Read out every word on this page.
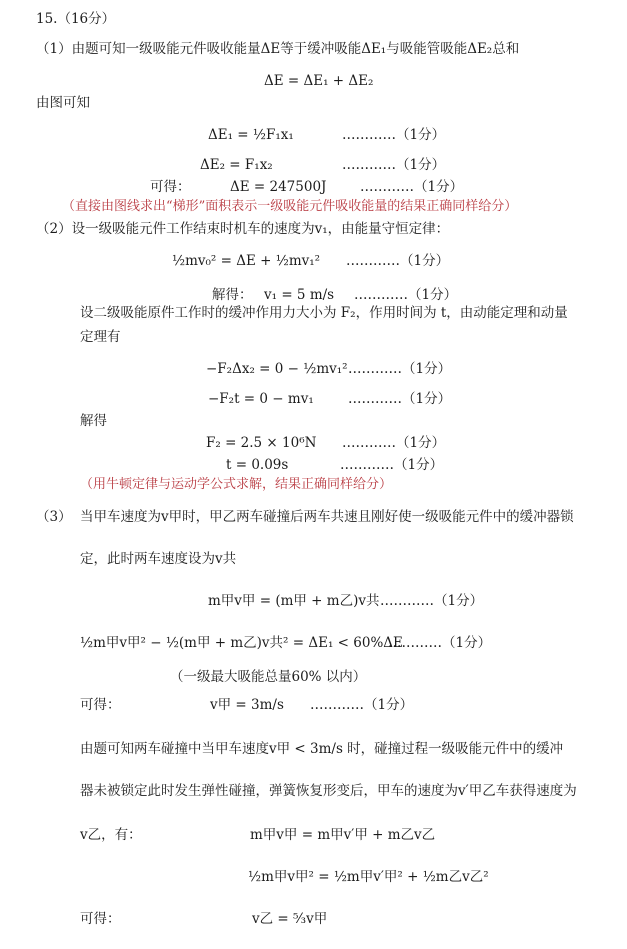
15.（16分）
（1）由题可知一级吸能元件吸收能量ΔE等于缓冲吸能ΔE₁与吸能管吸能ΔE₂总和
ΔE = ΔE₁ + ΔE₂
由图可知
ΔE₁ = ½F₁x₁	…………（1分）
ΔE₂ = F₁x₂	…………（1分）
可得：	ΔE = 247500J …………（1分）
（直接由图线求出“梯形”面积表示一级吸能元件吸收能量的结果正确同样给分）
（2）设一级吸能元件工作结束时机车的速度为v₁，由能量守恒定律：
½mv₀² = ΔE + ½mv₁² …………（1分）
解得： v₁ = 5 m/s …………（1分）
设二级吸能原件工作时的缓冲作用力大小为 F₂，作用时间为 t，由动能定理和动量
定理有
−F₂Δx₂ = 0 − ½mv₁² …………（1分）
−F₂t = 0 − mv₁	…………（1分）
解得
F₂ = 2.5 × 10⁶N …………（1分）
t = 0.09s	…………（1分）
（用牛顿定律与运动学公式求解，结果正确同样给分）
（3） 当甲车速度为v甲时，甲乙两车碰撞后两车共速且刚好使一级吸能元件中的缓冲器锁
定，此时两车速度设为v共
m甲v甲 = (m甲 + m乙)v共 …………（1分）
½m甲v甲² − ½(m甲 + m乙)v共² = ΔE₁ < 60%ΔE
…………（1分）
（一级最大吸能总量60% 以内）
可得：	v甲 = 3m/s …………（1分）
由题可知两车碰撞中当甲车速度v甲 < 3m/s 时，碰撞过程一级吸能元件中的缓冲
器未被锁定此时发生弹性碰撞，弹簧恢复形变后，甲车的速度为v′甲乙车获得速度为
v乙，有：	m甲v甲 = m甲v′甲 + m乙v乙
½m甲v甲² = ½m甲v′甲² + ½m乙v乙²
可得：	v乙 = ⁵⁄₃v甲
